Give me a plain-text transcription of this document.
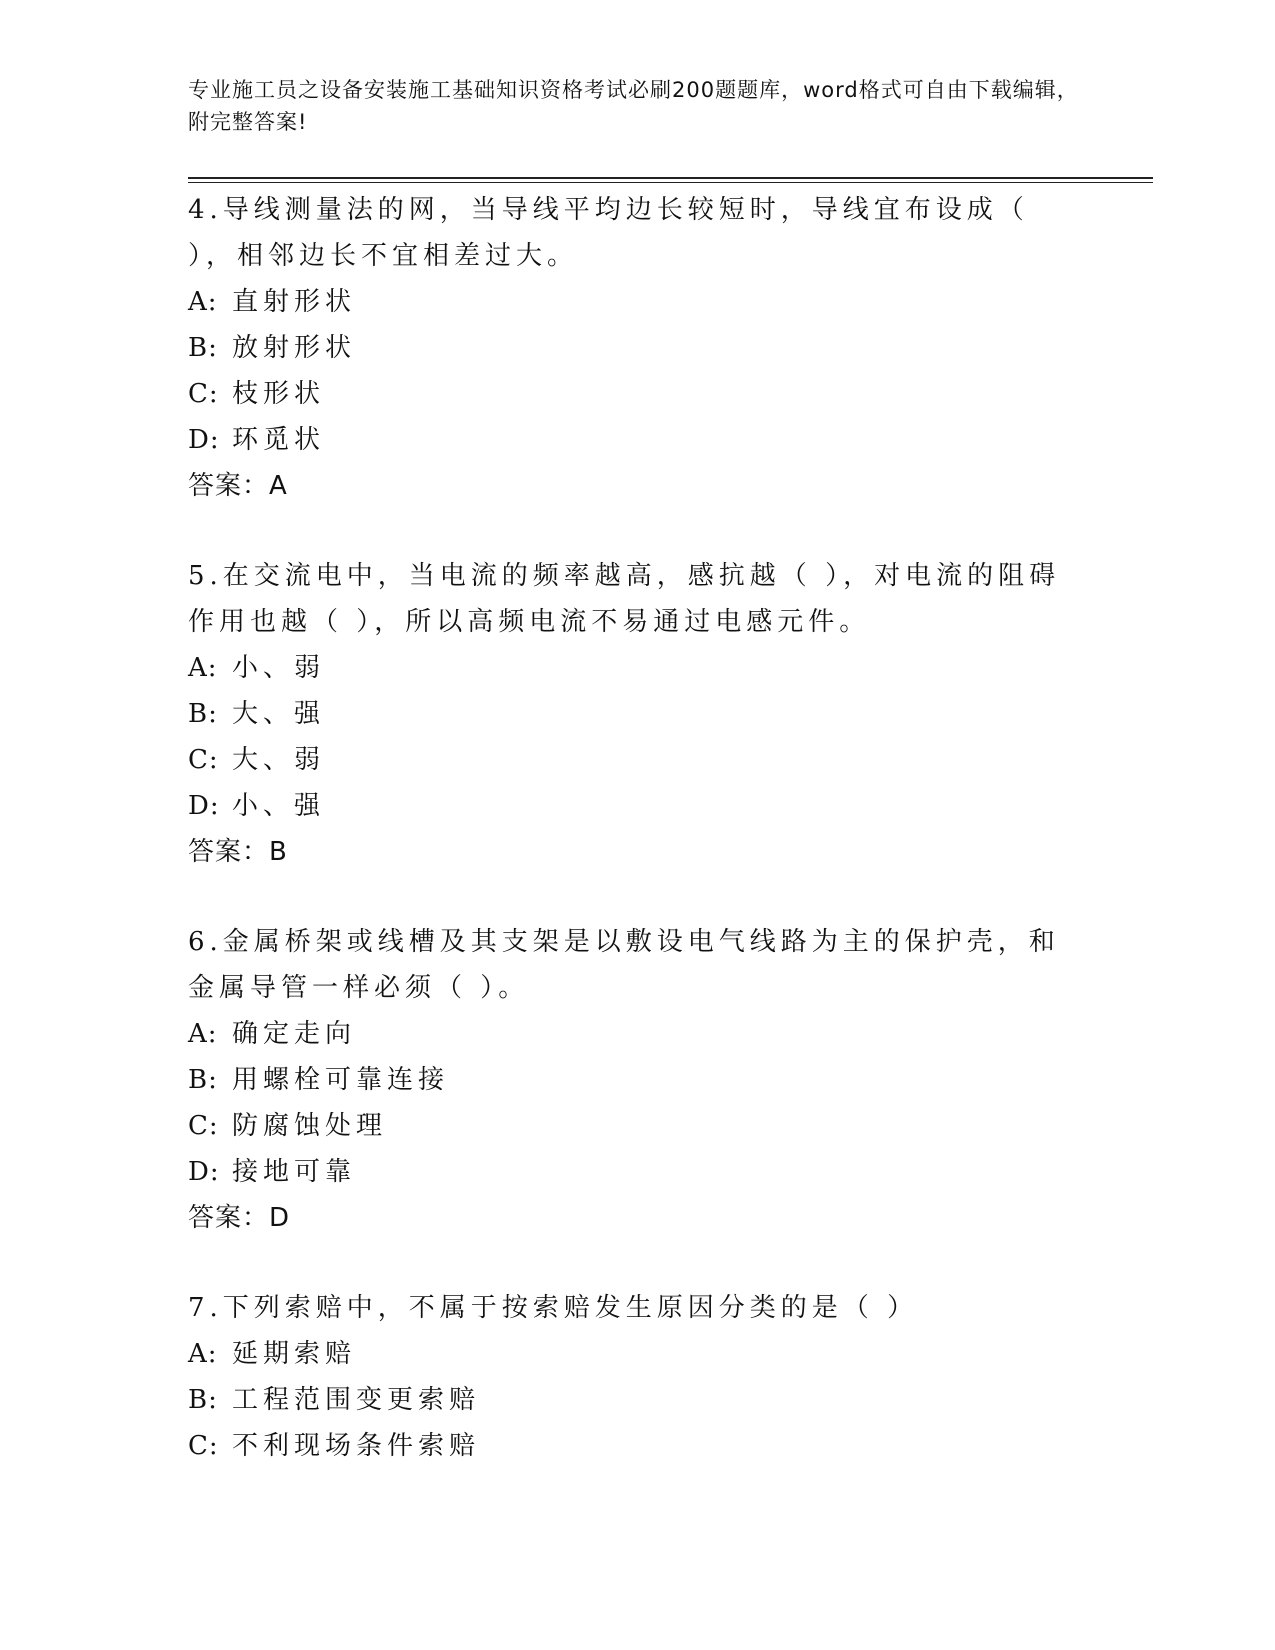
专业施工员之设备安装施工基础知识资格考试必刷200题题库，word格式可自由下载编辑，附完整答案!

4.导线测量法的网，当导线平均边长较短时，导线宜布设成（ ），相邻边长不宜相差过大。

A: 直射形状

B: 放射形状

C: 枝形状

D: 环觅状

答案：A

5.在交流电中，当电流的频率越高，感抗越（ ），对电流的阻碍作用也越（ ），所以高频电流不易通过电感元件。

A: 小、弱

B: 大、强

C: 大、弱

D: 小、强

答案：B

6.金属桥架或线槽及其支架是以敷设电气线路为主的保护壳，和金属导管一样必须（ ）。

A: 确定走向

B: 用螺栓可靠连接

C: 防腐蚀处理

D: 接地可靠

答案：D

7.下列索赔中，不属于按索赔发生原因分类的是（ ）

A: 延期索赔

B: 工程范围变更索赔

C: 不利现场条件索赔
